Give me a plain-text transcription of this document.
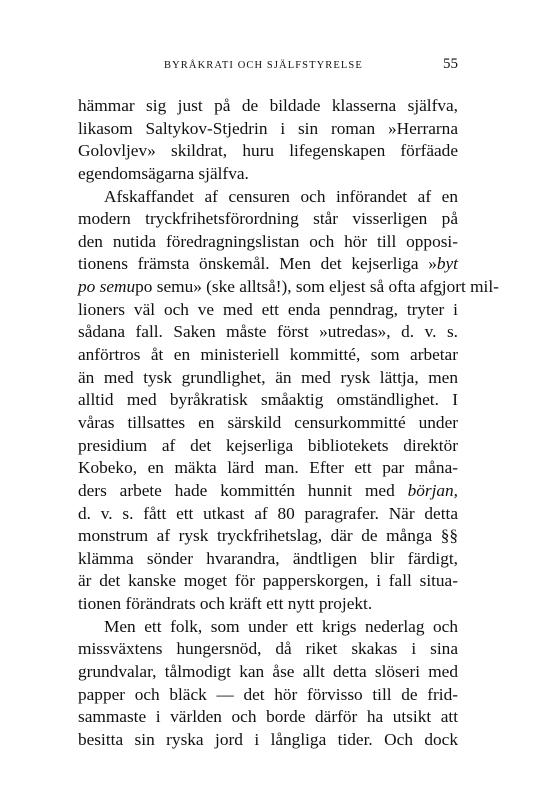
BYRÅKRATI OCH SJÄLFSTYRELSE	55
hämmar sig just på de bildade klasserna själfva,
likasom Saltykov-Stjedrin i sin roman »Herrarna
Golovljev» skildrat, huru lifegenskapen förfäade
egendomsägarna själfva.
Afskaffandet af censuren och införandet af en
modern tryckfrihetsförordning står visserligen på
den nutida föredragningslistan och hör till opposi-
tionens främsta önskemål. Men det kejserliga »byt
po semupo semu» (ske alltså!), som eljest så ofta afgjort mil-
lioners väl och ve med ett enda penndrag, tryter i
sådana fall. Saken måste först »utredas», d. v. s.
anförtros åt en ministeriell kommitté, som arbetar
än med tysk grundlighet, än med rysk lättja, men
alltid med byråkratisk småaktig omständlighet. I
våras tillsattes en särskild censurkommitté under
presidium af det kejserliga bibliotekets direktör
Kobeko, en mäkta lärd man. Efter ett par måna-
ders arbete hade kommittén hunnit med början,
d. v. s. fått ett utkast af 80 paragrafer. När detta
monstrum af rysk tryckfrihetslag, där de många §§
klämma sönder hvarandra, ändtligen blir färdigt,
är det kanske moget för papperskorgen, i fall situa-
tionen förändrats och kräft ett nytt projekt.
Men ett folk, som under ett krigs nederlag och
missväxtens hungersnöd, då riket skakas i sina
grundvalar, tålmodigt kan åse allt detta slöseri med
papper och bläck — det hör förvisso till de frid-
sammaste i världen och borde därför ha utsikt att
besitta sin ryska jord i långliga tider. Och dock
